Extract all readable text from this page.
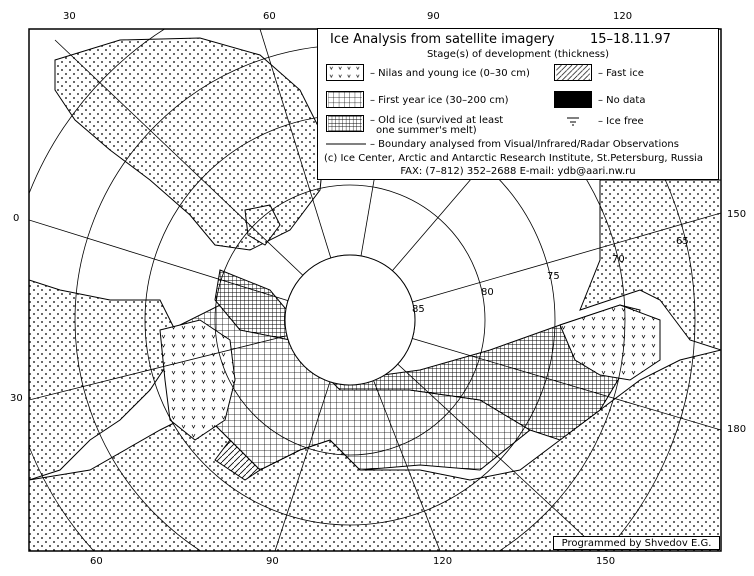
30	60	90	120
60	90	120	150
0
30
150
180
85
80
75
70
65
Ice Analysis from satellite imagery	15–18.11.97
Stage(s) of development (thickness)
– Nilas and young ice (0–30 cm)	– Fast ice
– First year ice (30–200 cm)	– No data
– Old ice (survived at least
one summer's melt)
– Ice free
– Boundary analysed from Visual/Infrared/Radar Observations
(c) Ice Center, Arctic and Antarctic Research Institute, St.Petersburg, Russia
FAX: (7–812) 352–2688 E-mail: ydb@aari.nw.ru
Programmed by Shvedov E.G.
